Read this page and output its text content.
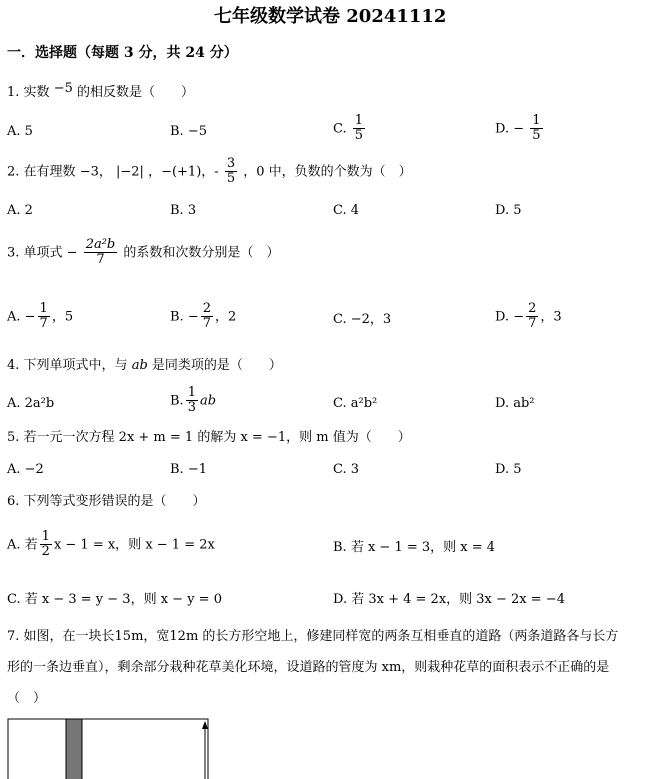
七年级数学试卷 20241112
一．选择题（每题 3 分，共 24 分）
1. 实数 −5 的相反数是（　　）
A. 5	B. −5	C. $\frac{1}{5}$	D. − $\frac{1}{5}$
2. 在有理数 −3， |−2| ，−(+1)，- $\frac{3}{5}$ ，0 中，负数的个数为（　）
A. 2	B. 3	C. 4	D. 5
3. 单项式 − $\frac{\text{2a²b}}{7}$ 的系数和次数分别是（　）
A. − $\frac{1}{7}$ ，5	B. − $\frac{2}{7}$ ，2	C. −2，3	D. − $\frac{2}{7}$ ，3
4. 下列单项式中，与 ab 是同类项的是（　　）
A. 2a²b	B. $\frac{1}{3}$ ab	C. a²b²	D. ab²
5. 若一元一次方程 2x + m = 1 的解为 x = −1，则 m 值为（　　）
A. −2	B. −1	C. 3	D. 5
6. 下列等式变形错误的是（　　）
A. 若 $\frac{1}{2}$ x − 1 = x，则 x − 1 = 2x	B. 若 x − 1 = 3，则 x = 4
C. 若 x − 3 = y − 3，则 x − y = 0	D. 若 3x + 4 = 2x，则 3x − 2x = −4
7. 如图，在一块长15m，宽12m 的长方形空地上，修建同样宽的两条互相垂直的道路（两条道路各与长方
形的一条边垂直），剩余部分栽种花草美化环境，设道路的管度为 xm，则栽种花草的面积表示不正确的是
（　）
